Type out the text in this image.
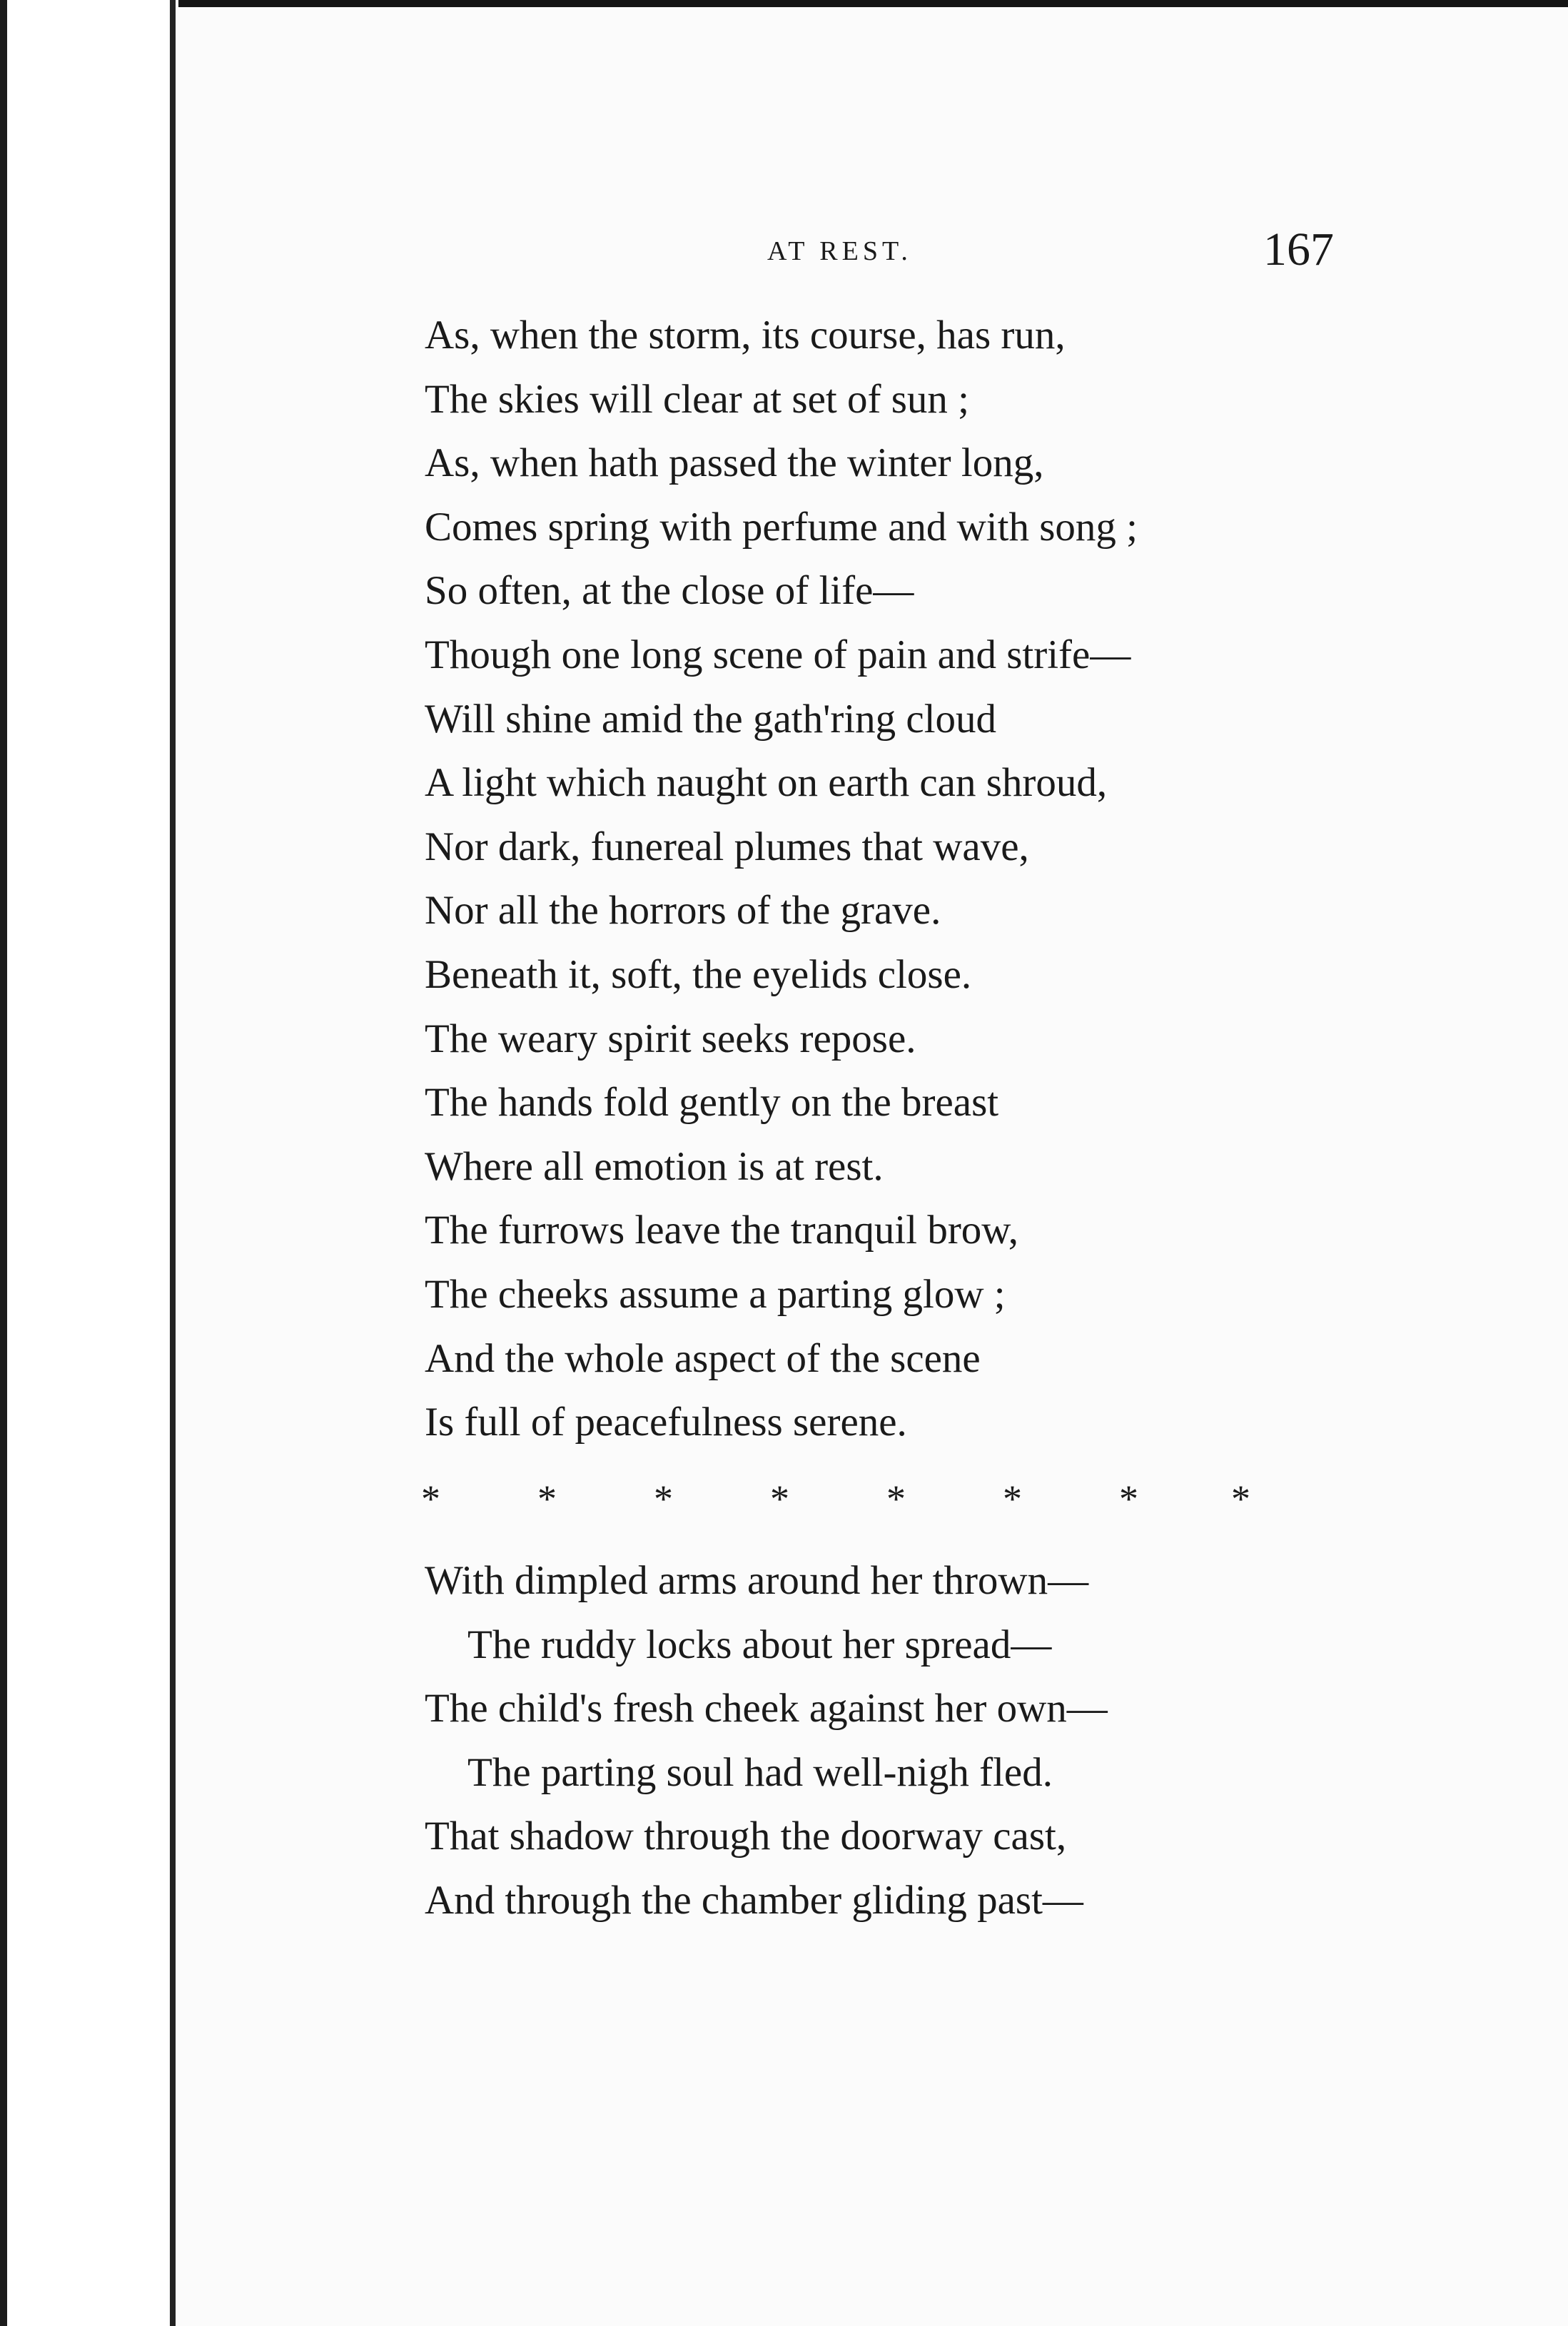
AT REST.	167
As, when the storm, its course, has run,
The skies will clear at set of sun ;
As, when hath passed the winter long,
Comes spring with perfume and with song ;
So often, at the close of life—
Though one long scene of pain and strife—
Will shine amid the gath'ring cloud
A light which naught on earth can shroud,
Nor dark, funereal plumes that wave,
Nor all the horrors of the grave.
Beneath it, soft, the eyelids close.
The weary spirit seeks repose.
The hands fold gently on the breast
Where all emotion is at rest.
The furrows leave the tranquil brow,
The cheeks assume a parting glow ;
And the whole aspect of the scene
Is full of peacefulness serene.
*	*	*	*	*	*	* *
With dimpled arms around her thrown—
The ruddy locks about her spread—
The child's fresh cheek against her own—
The parting soul had well-nigh fled.
That shadow through the doorway cast,
And through the chamber gliding past—
